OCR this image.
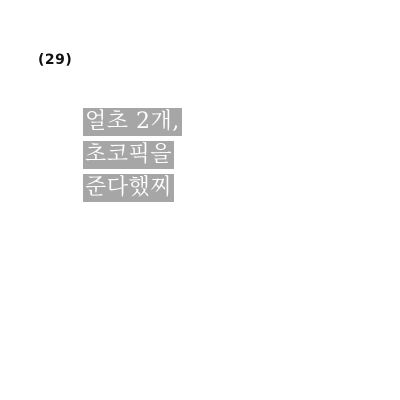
(29)
얼초 2개,
초코픽을
준다했찌
